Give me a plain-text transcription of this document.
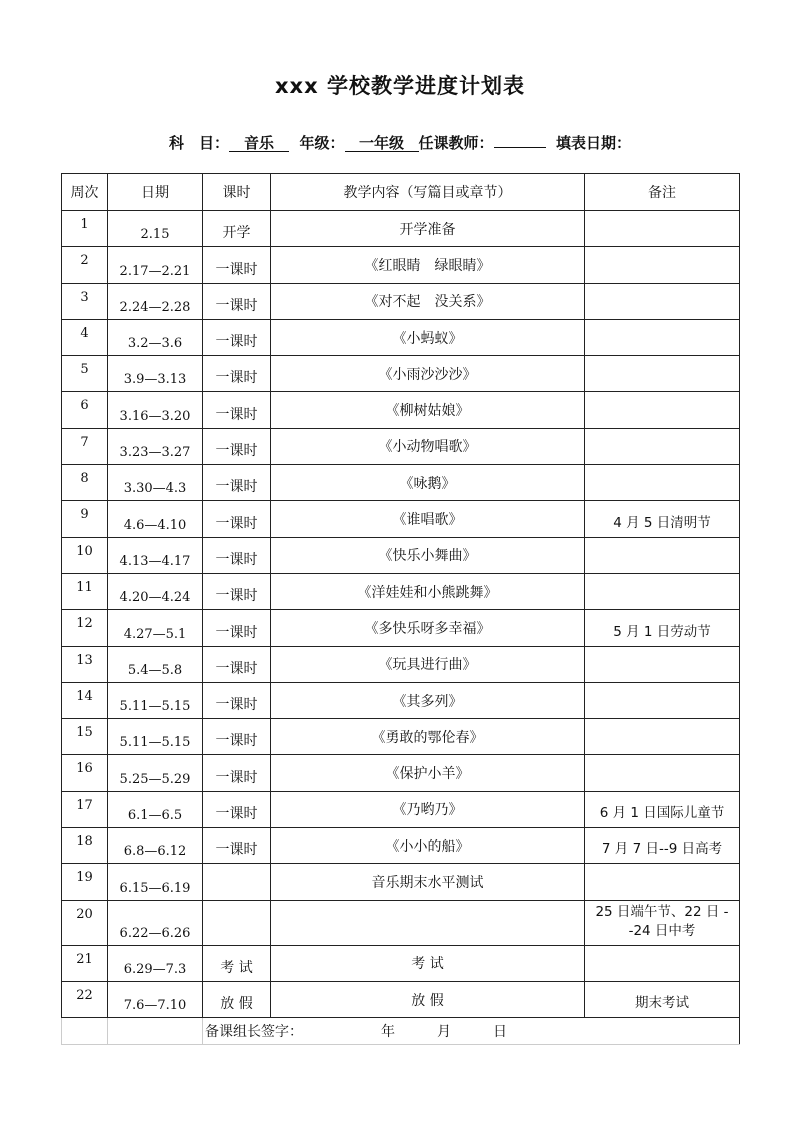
xxx 学校教学进度计划表
科　目： 音乐 年级： 一年级 任课教师：	填表日期：
周次	日期	课时	教学内容（写篇目或章节）	备注
1	2.15	开学	开学准备	
2	2.17—2.21	一课时	《红眼睛　绿眼睛》	
3	2.24—2.28	一课时	《对不起　没关系》	
4	3.2—3.6	一课时	《小蚂蚁》	
5	3.9—3.13	一课时	《小雨沙沙沙》	
6	3.16—3.20	一课时	《柳树姑娘》	
7	3.23—3.27	一课时	《小动物唱歌》	
8	3.30—4.3	一课时	《咏鹅》	
9	4.6—4.10	一课时	《谁唱歌》	4 月 5 日清明节
10	4.13—4.17	一课时	《快乐小舞曲》	
11	4.20—4.24	一课时	《洋娃娃和小熊跳舞》	
12	4.27—5.1	一课时	《多快乐呀多幸福》	5 月 1 日劳动节
13	5.4—5.8	一课时	《玩具进行曲》	
14	5.11—5.15	一课时	《其多列》	
15	5.11—5.15	一课时	《勇敢的鄂伦春》	
16	5.25—5.29	一课时	《保护小羊》	
17	6.1—6.5	一课时	《乃哟乃》	6 月 1 日国际儿童节
18	6.8—6.12	一课时	《小小的船》	7 月 7 日--9 日高考
19	6.15—6.19		音乐期末水平测试	
20	6.22—6.26			25 日端午节、22 日 --24 日中考
21	6.29—7.3	考 试	考 试	
22	7.6—7.10	放 假	放 假	期末考试
		备课组长签字： 年 月 日		
